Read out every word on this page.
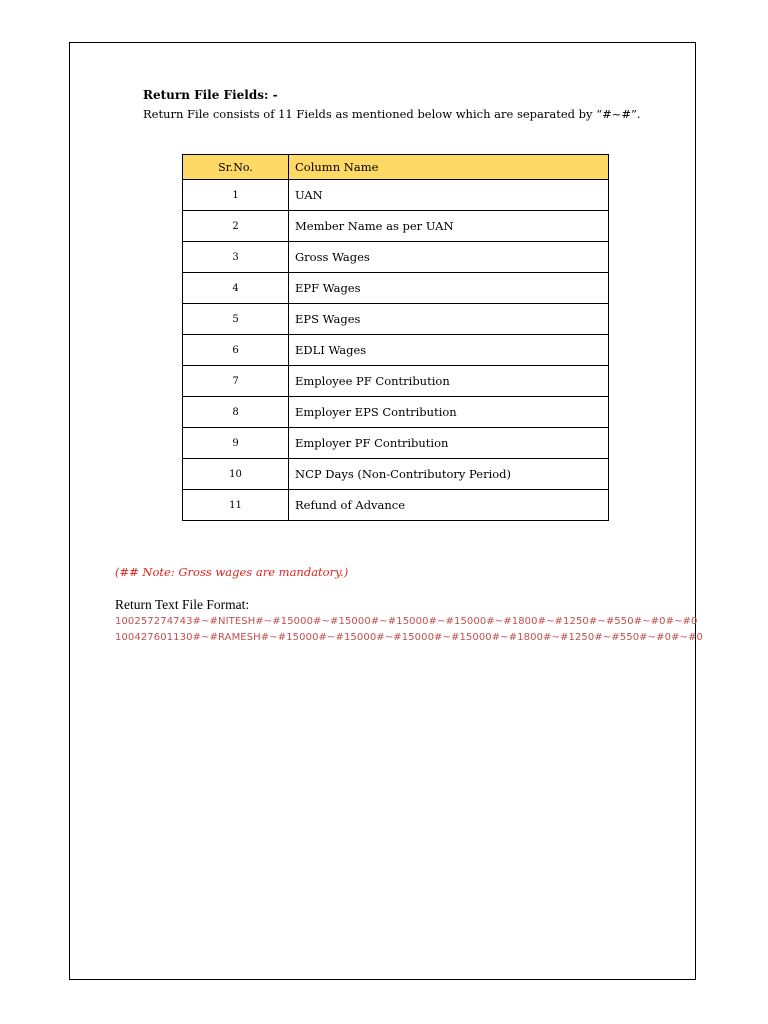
Return File Fields: -
Return File consists of 11 Fields as mentioned below which are separated by “#~#”.
Sr.No.	Column Name
1	UAN
2	Member Name as per UAN
3	Gross Wages
4	EPF Wages
5	EPS Wages
6	EDLI Wages
7	Employee PF Contribution
8	Employer EPS Contribution
9	Employer PF Contribution
10	NCP Days (Non-Contributory Period)
11	Refund of Advance
(## Note: Gross wages are mandatory.)
Return Text File Format:
100257274743#~#NITESH#~#15000#~#15000#~#15000#~#15000#~#1800#~#1250#~#550#~#0#~#0
100427601130#~#RAMESH#~#15000#~#15000#~#15000#~#15000#~#1800#~#1250#~#550#~#0#~#0
